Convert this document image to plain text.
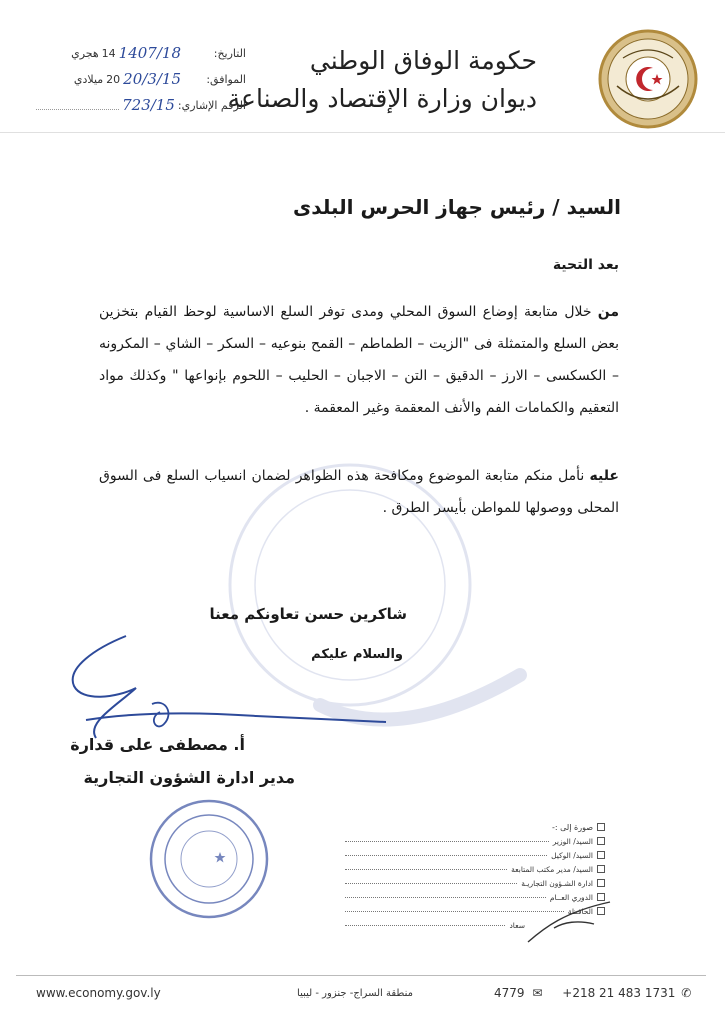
حكومة الوفاق الوطني
ديوان وزارة الإقتصاد والصناعة
التاريخ:
1407/18
14
هجري
الموافق:
20/3/15
20
ميلادي
الرقم الإشاري:
723/15
السيد / رئيس جهاز الحرس البلدى
بعد التحية
من خلال متابعة إوضاع السوق المحلي ومدى توفر السلع الاساسية لوحظ القيام بتخزين بعض السلع والمتمثلة فى "الزيت – الطماطم – القمح بنوعيه – السكر – الشاي – المكرونه – الكسكسى – الارز – الدقيق – التن – الاجبان – الحليب – اللحوم بإنواعها " وكذلك مواد التعقيم والكمامات الفم والأنف المعقمة وغير المعقمة .
عليه نأمل منكم متابعة الموضوع ومكافحة هذه الظواهر لضمان انسياب السلع فى السوق المحلى ووصولها للمواطن بأيسر الطرق .
شاكرين حسن تعاونكم معنا
والسلام عليكم
أ. مصطفى على قدارة
مدير ادارة الشؤون التجارية
صورة إلى :-
السيد/ الوزير
السيد/ الوكيل
السيد/ مدير مكتب المتابعة
ادارة الشـؤون التجاريـة
الدوري العــام
الحافظة
سعاد
www.economy.gov.ly	منطقة السراج- جنزور - ليبيا	4779 ✉ +218 21 483 1731 ✆
